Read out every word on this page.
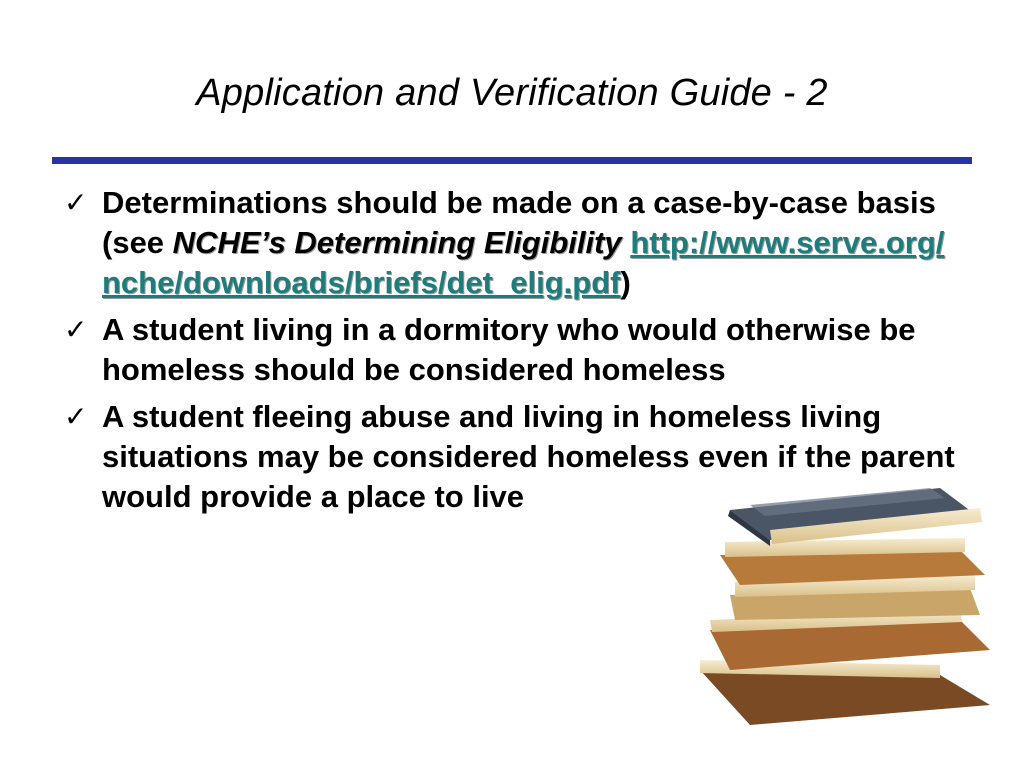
Application and Verification Guide - 2
✓ Determinations should be made on a case-by-case basis (see NCHE’s Determining Eligibility http://www.serve.org/nche/downloads/briefs/det_elig.pdf)
✓ A student living in a dormitory who would otherwise be homeless should be considered homeless
✓ A student fleeing abuse and living in homeless living situations may be considered homeless even if the parent would provide a place to live
